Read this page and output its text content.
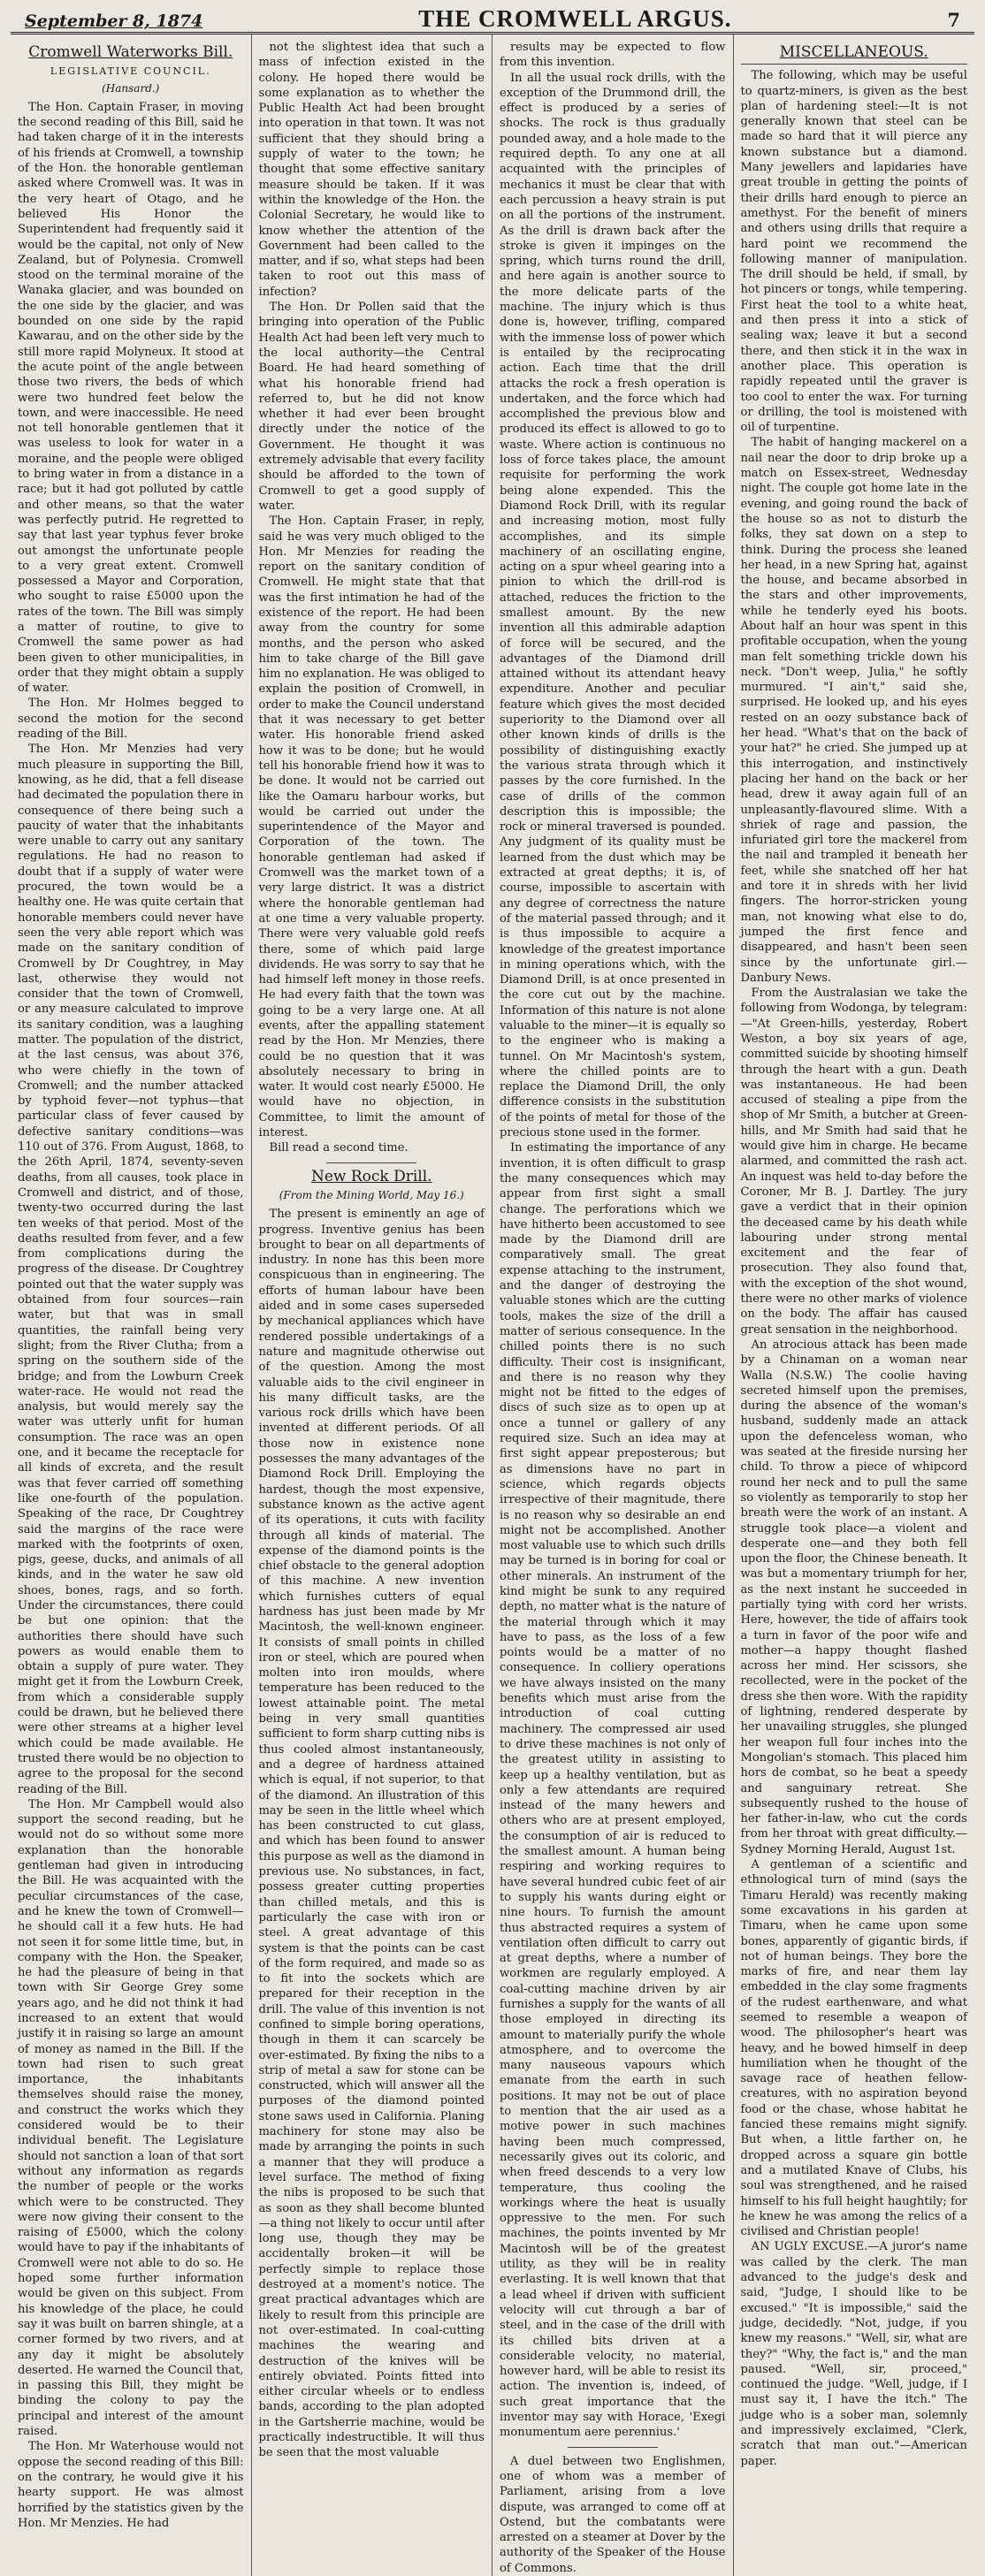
September 8, 1874	THE CROMWELL ARGUS.	7
Cromwell Waterworks Bill.
LEGISLATIVE COUNCIL.
(Hansard.)

The Hon. Captain Fraser, in moving the second reading of this Bill, said he had taken charge of it in the interests of his friends at Cromwell, a township of the Hon. the honorable gentleman asked where Cromwell was. It was in the very heart of Otago, and he believed His Honor the Superintendent had frequently said it would be the capital, not only of New Zealand, but of Polynesia. Cromwell stood on the terminal moraine of the Wanaka glacier, and was bounded on the one side by the glacier, and was bounded on one side by the rapid Kawarau, and on the other side by the still more rapid Molyneux. It stood at the acute point of the angle between those two rivers, the beds of which were two hundred feet below the town, and were inaccessible. He need not tell honorable gentlemen that it was useless to look for water in a moraine, and the people were obliged to bring water in from a distance in a race; but it had got polluted by cattle and other means, so that the water was perfectly putrid. He regretted to say that last year typhus fever broke out amongst the unfortunate people to a very great extent. Cromwell possessed a Mayor and Corporation, who sought to raise £5000 upon the rates of the town. The Bill was simply a matter of routine, to give to Cromwell the same power as had been given to other municipalities, in order that they might obtain a supply of water.

The Hon. Mr Holmes begged to second the motion for the second reading of the Bill.

The Hon. Mr Menzies had very much pleasure in supporting the Bill, knowing, as he did, that a fell disease had decimated the population there in consequence of there being such a paucity of water that the inhabitants were unable to carry out any sanitary regulations. He had no reason to doubt that if a supply of water were procured, the town would be a healthy one. He was quite certain that honorable members could never have seen the very able report which was made on the sanitary condition of Cromwell by Dr Coughtrey, in May last, otherwise they would not consider that the town of Cromwell, or any measure calculated to improve its sanitary condition, was a laughing matter. The population of the district, at the last census, was about 376, who were chiefly in the town of Cromwell; and the number attacked by typhoid fever—not typhus—that particular class of fever caused by defective sanitary conditions—was 110 out of 376. From August, 1868, to the 26th April, 1874, seventy-seven deaths, from all causes, took place in Cromwell and district, and of those, twenty-two occurred during the last ten weeks of that period. Most of the deaths resulted from fever, and a few from complications during the progress of the disease. Dr Coughtrey pointed out that the water supply was obtained from four sources—rain water, but that was in small quantities, the rainfall being very slight; from the River Clutha; from a spring on the southern side of the bridge; and from the Lowburn Creek water-race. He would not read the analysis, but would merely say the water was utterly unfit for human consumption. The race was an open one, and it became the receptacle for all kinds of excreta, and the result was that fever carried off something like one-fourth of the population. Speaking of the race, Dr Coughtrey said the margins of the race were marked with the footprints of oxen, pigs, geese, ducks, and animals of all kinds, and in the water he saw old shoes, bones, rags, and so forth. Under the circumstances, there could be but one opinion: that the authorities there should have such powers as would enable them to obtain a supply of pure water. They might get it from the Lowburn Creek, from which a considerable supply could be drawn, but he believed there were other streams at a higher level which could be made available. He trusted there would be no objection to agree to the proposal for the second reading of the Bill.

The Hon. Mr Campbell would also support the second reading, but he would not do so without some more explanation than the honorable gentleman had given in introducing the Bill. He was acquainted with the peculiar circumstances of the case, and he knew the town of Cromwell—he should call it a few huts. He had not seen it for some little time, but, in company with the Hon. the Speaker, he had the pleasure of being in that town with Sir George Grey some years ago, and he did not think it had increased to an extent that would justify it in raising so large an amount of money as named in the Bill. If the town had risen to such great importance, the inhabitants themselves should raise the money, and construct the works which they considered would be to their individual benefit. The Legislature should not sanction a loan of that sort without any information as regards the number of people or the works which were to be constructed. They were now giving their consent to the raising of £5000, which the colony would have to pay if the inhabitants of Cromwell were not able to do so. He hoped some further information would be given on this subject. From his knowledge of the place, he could say it was built on barren shingle, at a corner formed by two rivers, and at any day it might be absolutely deserted. He warned the Council that, in passing this Bill, they might be binding the colony to pay the principal and interest of the amount raised.

The Hon. Mr Waterhouse would not oppose the second reading of this Bill: on the contrary, he would give it his hearty support. He was almost horrified by the statistics given by the Hon. Mr Menzies. He had

not the slightest idea that such a mass of infection existed in the colony. He hoped there would be some explanation as to whether the Public Health Act had been brought into operation in that town. It was not sufficient that they should bring a supply of water to the town; he thought that some effective sanitary measure should be taken. If it was within the knowledge of the Hon. the Colonial Secretary, he would like to know whether the attention of the Government had been called to the matter, and if so, what steps had been taken to root out this mass of infection?

The Hon. Dr Pollen said that the bringing into operation of the Public Health Act had been left very much to the local authority—the Central Board. He had heard something of what his honorable friend had referred to, but he did not know whether it had ever been brought directly under the notice of the Government. He thought it was extremely advisable that every facility should be afforded to the town of Cromwell to get a good supply of water.

The Hon. Captain Fraser, in reply, said he was very much obliged to the Hon. Mr Menzies for reading the report on the sanitary condition of Cromwell. He might state that that was the first intimation he had of the existence of the report. He had been away from the country for some months, and the person who asked him to take charge of the Bill gave him no explanation. He was obliged to explain the position of Cromwell, in order to make the Council understand that it was necessary to get better water. His honorable friend asked how it was to be done; but he would tell his honorable friend how it was to be done. It would not be carried out like the Oamaru harbour works, but would be carried out under the superintendence of the Mayor and Corporation of the town. The honorable gentleman had asked if Cromwell was the market town of a very large district. It was a district where the honorable gentleman had at one time a very valuable property. There were very valuable gold reefs there, some of which paid large dividends. He was sorry to say that he had himself left money in those reefs. He had every faith that the town was going to be a very large one. At all events, after the appalling statement read by the Hon. Mr Menzies, there could be no question that it was absolutely necessary to bring in water. It would cost nearly £5000. He would have no objection, in Committee, to limit the amount of interest.

Bill read a second time.

New Rock Drill.
(From the Mining World, May 16.)

The present is eminently an age of progress. Inventive genius has been brought to bear on all departments of industry. In none has this been more conspicuous than in engineering. The efforts of human labour have been aided and in some cases superseded by mechanical appliances which have rendered possible undertakings of a nature and magnitude otherwise out of the question. Among the most valuable aids to the civil engineer in his many difficult tasks, are the various rock drills which have been invented at different periods. Of all those now in existence none possesses the many advantages of the Diamond Rock Drill. Employing the hardest, though the most expensive, substance known as the active agent of its operations, it cuts with facility through all kinds of material. The expense of the diamond points is the chief obstacle to the general adoption of this machine. A new invention which furnishes cutters of equal hardness has just been made by Mr Macintosh, the well-known engineer. It consists of small points in chilled iron or steel, which are poured when molten into iron moulds, where temperature has been reduced to the lowest attainable point. The metal being in very small quantities sufficient to form sharp cutting nibs is thus cooled almost instantaneously, and a degree of hardness attained which is equal, if not superior, to that of the diamond. An illustration of this may be seen in the little wheel which has been constructed to cut glass, and which has been found to answer this purpose as well as the diamond in previous use. No substances, in fact, possess greater cutting properties than chilled metals, and this is particularly the case with iron or steel. A great advantage of this system is that the points can be cast of the form required, and made so as to fit into the sockets which are prepared for their reception in the drill. The value of this invention is not confined to simple boring operations, though in them it can scarcely be over-estimated. By fixing the nibs to a strip of metal a saw for stone can be constructed, which will answer all the purposes of the diamond pointed stone saws used in California. Planing machinery for stone may also be made by arranging the points in such a manner that they will produce a level surface. The method of fixing the nibs is proposed to be such that as soon as they shall become blunted—a thing not likely to occur until after long use, though they may be accidentally broken—it will be perfectly simple to replace those destroyed at a moment's notice. The great practical advantages which are likely to result from this principle are not over-estimated. In coal-cutting machines the wearing and destruction of the knives will be entirely obviated. Points fitted into either circular wheels or to endless bands, according to the plan adopted in the Gartsherrie machine, would be practically indestructible. It will thus be seen that the most valuable

results may be expected to flow from this invention.

In all the usual rock drills, with the exception of the Drummond drill, the effect is produced by a series of shocks. The rock is thus gradually pounded away, and a hole made to the required depth. To any one at all acquainted with the principles of mechanics it must be clear that with each percussion a heavy strain is put on all the portions of the instrument. As the drill is drawn back after the stroke is given it impinges on the spring, which turns round the drill, and here again is another source to the more delicate parts of the machine. The injury which is thus done is, however, trifling, compared with the immense loss of power which is entailed by the reciprocating action. Each time that the drill attacks the rock a fresh operation is undertaken, and the force which had accomplished the previous blow and produced its effect is allowed to go to waste. Where action is continuous no loss of force takes place, the amount requisite for performing the work being alone expended. This the Diamond Rock Drill, with its regular and increasing motion, most fully accomplishes, and its simple machinery of an oscillating engine, acting on a spur wheel gearing into a pinion to which the drill-rod is attached, reduces the friction to the smallest amount. By the new invention all this admirable adaption of force will be secured, and the advantages of the Diamond drill attained without its attendant heavy expenditure. Another and peculiar feature which gives the most decided superiority to the Diamond over all other known kinds of drills is the possibility of distinguishing exactly the various strata through which it passes by the core furnished. In the case of drills of the common description this is impossible; the rock or mineral traversed is pounded. Any judgment of its quality must be learned from the dust which may be extracted at great depths; it is, of course, impossible to ascertain with any degree of correctness the nature of the material passed through; and it is thus impossible to acquire a knowledge of the greatest importance in mining operations which, with the Diamond Drill, is at once presented in the core cut out by the machine. Information of this nature is not alone valuable to the miner—it is equally so to the engineer who is making a tunnel. On Mr Macintosh's system, where the chilled points are to replace the Diamond Drill, the only difference consists in the substitution of the points of metal for those of the precious stone used in the former.

In estimating the importance of any invention, it is often difficult to grasp the many consequences which may appear from first sight a small change. The perforations which we have hitherto been accustomed to see made by the Diamond drill are comparatively small. The great expense attaching to the instrument, and the danger of destroying the valuable stones which are the cutting tools, makes the size of the drill a matter of serious consequence. In the chilled points there is no such difficulty. Their cost is insignificant, and there is no reason why they might not be fitted to the edges of discs of such size as to open up at once a tunnel or gallery of any required size. Such an idea may at first sight appear preposterous; but as dimensions have no part in science, which regards objects irrespective of their magnitude, there is no reason why so desirable an end might not be accomplished. Another most valuable use to which such drills may be turned is in boring for coal or other minerals. An instrument of the kind might be sunk to any required depth, no matter what is the nature of the material through which it may have to pass, as the loss of a few points would be a matter of no consequence. In colliery operations we have always insisted on the many benefits which must arise from the introduction of coal cutting machinery. The compressed air used to drive these machines is not only of the greatest utility in assisting to keep up a healthy ventilation, but as only a few attendants are required instead of the many hewers and others who are at present employed, the consumption of air is reduced to the smallest amount. A human being respiring and working requires to have several hundred cubic feet of air to supply his wants during eight or nine hours. To furnish the amount thus abstracted requires a system of ventilation often difficult to carry out at great depths, where a number of workmen are regularly employed. A coal-cutting machine driven by air furnishes a supply for the wants of all those employed in directing its amount to materially purify the whole atmosphere, and to overcome the many nauseous vapours which emanate from the earth in such positions. It may not be out of place to mention that the air used as a motive power in such machines having been much compressed, necessarily gives out its coloric, and when freed descends to a very low temperature, thus cooling the workings where the heat is usually oppressive to the men. For such machines, the points invented by Mr Macintosh will be of the greatest utility, as they will be in reality everlasting. It is well known that that a lead wheel if driven with sufficient velocity will cut through a bar of steel, and in the case of the drill with its chilled bits driven at a considerable velocity, no material, however hard, will be able to resist its action. The invention is, indeed, of such great importance that the inventor may say with Horace, 'Exegi monumentum aere perennius.'

A duel between two Englishmen, one of whom was a member of Parliament, arising from a love dispute, was arranged to come off at Ostend, but the combatants were arrested on a steamer at Dover by the authority of the Speaker of the House of Commons.

MISCELLANEOUS.

The following, which may be useful to quartz-miners, is given as the best plan of hardening steel:—It is not generally known that steel can be made so hard that it will pierce any known substance but a diamond. Many jewellers and lapidaries have great trouble in getting the points of their drills hard enough to pierce an amethyst. For the benefit of miners and others using drills that require a hard point we recommend the following manner of manipulation. The drill should be held, if small, by hot pincers or tongs, while tempering. First heat the tool to a white heat, and then press it into a stick of sealing wax; leave it but a second there, and then stick it in the wax in another place. This operation is rapidly repeated until the graver is too cool to enter the wax. For turning or drilling, the tool is moistened with oil of turpentine.

The habit of hanging mackerel on a nail near the door to drip broke up a match on Essex-street, Wednesday night. The couple got home late in the evening, and going round the back of the house so as not to disturb the folks, they sat down on a step to think. During the process she leaned her head, in a new Spring hat, against the house, and became absorbed in the stars and other improvements, while he tenderly eyed his boots. About half an hour was spent in this profitable occupation, when the young man felt something trickle down his neck. "Don't weep, Julia," he softly murmured. "I ain't," said she, surprised. He looked up, and his eyes rested on an oozy substance back of her head. "What's that on the back of your hat?" he cried. She jumped up at this interrogation, and instinctively placing her hand on the back or her head, drew it away again full of an unpleasantly-flavoured slime. With a shriek of rage and passion, the infuriated girl tore the mackerel from the nail and trampled it beneath her feet, while she snatched off her hat and tore it in shreds with her livid fingers. The horror-stricken young man, not knowing what else to do, jumped the first fence and disappeared, and hasn't been seen since by the unfortunate girl.—Danbury News.

From the Australasian we take the following from Wodonga, by telegram:—"At Green-hills, yesterday, Robert Weston, a boy six years of age, committed suicide by shooting himself through the heart with a gun. Death was instantaneous. He had been accused of stealing a pipe from the shop of Mr Smith, a butcher at Green-hills, and Mr Smith had said that he would give him in charge. He became alarmed, and committed the rash act. An inquest was held to-day before the Coroner, Mr B. J. Dartley. The jury gave a verdict that in their opinion the deceased came by his death while labouring under strong mental excitement and the fear of prosecution. They also found that, with the exception of the shot wound, there were no other marks of violence on the body. The affair has caused great sensation in the neighborhood.

An atrocious attack has been made by a Chinaman on a woman near Walla (N.S.W.) The coolie having secreted himself upon the premises, during the absence of the woman's husband, suddenly made an attack upon the defenceless woman, who was seated at the fireside nursing her child. To throw a piece of whipcord round her neck and to pull the same so violently as temporarily to stop her breath were the work of an instant. A struggle took place—a violent and desperate one—and they both fell upon the floor, the Chinese beneath. It was but a momentary triumph for her, as the next instant he succeeded in partially tying with cord her wrists. Here, however, the tide of affairs took a turn in favor of the poor wife and mother—a happy thought flashed across her mind. Her scissors, she recollected, were in the pocket of the dress she then wore. With the rapidity of lightning, rendered desperate by her unavailing struggles, she plunged her weapon full four inches into the Mongolian's stomach. This placed him hors de combat, so he beat a speedy and sanguinary retreat. She subsequently rushed to the house of her father-in-law, who cut the cords from her throat with great difficulty.—Sydney Morning Herald, August 1st.

A gentleman of a scientific and ethnological turn of mind (says the Timaru Herald) was recently making some excavations in his garden at Timaru, when he came upon some bones, apparently of gigantic birds, if not of human beings. They bore the marks of fire, and near them lay embedded in the clay some fragments of the rudest earthenware, and what seemed to resemble a weapon of wood. The philosopher's heart was heavy, and he bowed himself in deep humiliation when he thought of the savage race of heathen fellow-creatures, with no aspiration beyond food or the chase, whose habitat he fancied these remains might signify. But when, a little farther on, he dropped across a square gin bottle and a mutilated Knave of Clubs, his soul was strengthened, and he raised himself to his full height haughtily; for he knew he was among the relics of a civilised and Christian people!

AN UGLY EXCUSE.—A juror's name was called by the clerk. The man advanced to the judge's desk and said, "Judge, I should like to be excused." "It is impossible," said the judge, decidedly. "Not, judge, if you knew my reasons." "Well, sir, what are they?" "Why, the fact is," and the man paused. "Well, sir, proceed," continued the judge. "Well, judge, if I must say it, I have the itch." The judge who is a sober man, solemnly and impressively exclaimed, "Clerk, scratch that man out."—American paper.
